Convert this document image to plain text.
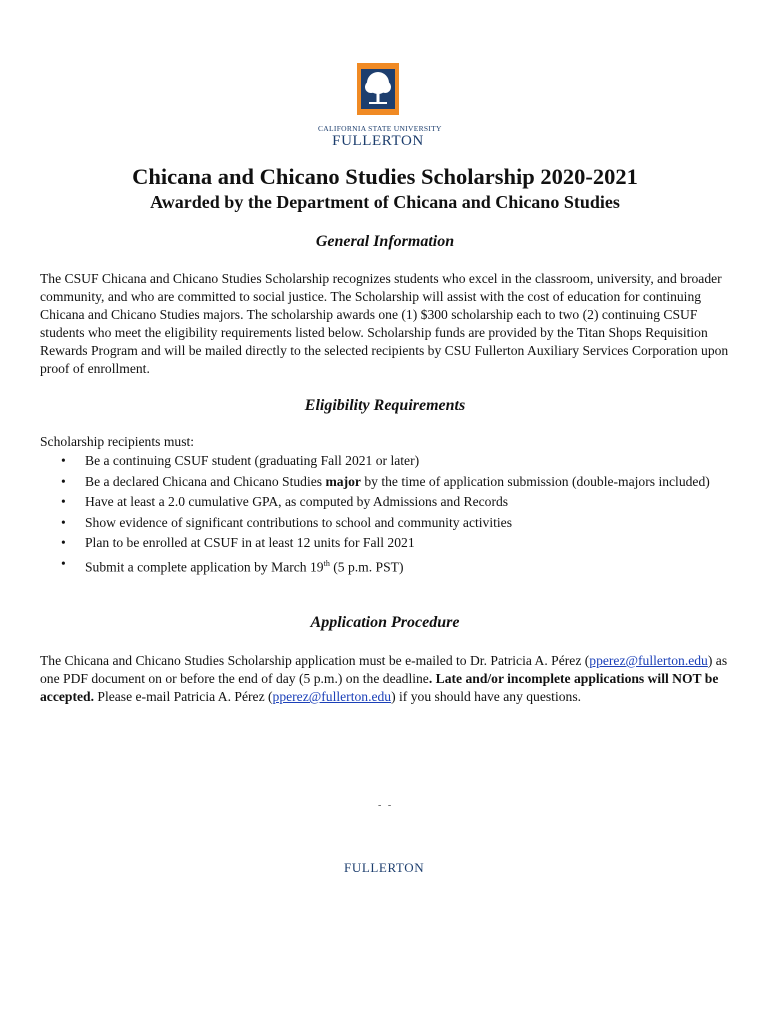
CALIFORNIA STATE UNIVERSITY
FULLERTON
Chicana and Chicano Studies Scholarship 2020-2021
Awarded by the Department of Chicana and Chicano Studies
General Information

The CSUF Chicana and Chicano Studies Scholarship recognizes students who excel in the classroom, university, and broader community, and who are committed to social justice. The Scholarship will assist with the cost of education for continuing Chicana and Chicano Studies majors. The scholarship awards one (1) $300 scholarship each to two (2) continuing CSUF students who meet the eligibility requirements listed below. Scholarship funds are provided by the Titan Shops Requisition Rewards Program and will be mailed directly to the selected recipients by CSU Fullerton Auxiliary Services Corporation upon proof of enrollment.

Eligibility Requirements
Scholarship recipients must:
• Be a continuing CSUF student (graduating Fall 2021 or later)
• Be a declared Chicana and Chicano Studies major by the time of application submission (double-majors included)
• Have at least a 2.0 cumulative GPA, as computed by Admissions and Records
• Show evidence of significant contributions to school and community activities
• Plan to be enrolled at CSUF in at least 12 units for Fall 2021
• Submit a complete application by March 19th (5 p.m. PST)
Application Procedure

The Chicana and Chicano Studies Scholarship application must be e-mailed to Dr. Patricia A. Pérez (pperez@fullerton.edu) as one PDF document on or before the end of day (5 p.m.) on the deadline. Late and/or incomplete applications will NOT be accepted. Please e-mail Patricia A. Pérez (pperez@fullerton.edu) if you should have any questions.

- -
FULLERTON
